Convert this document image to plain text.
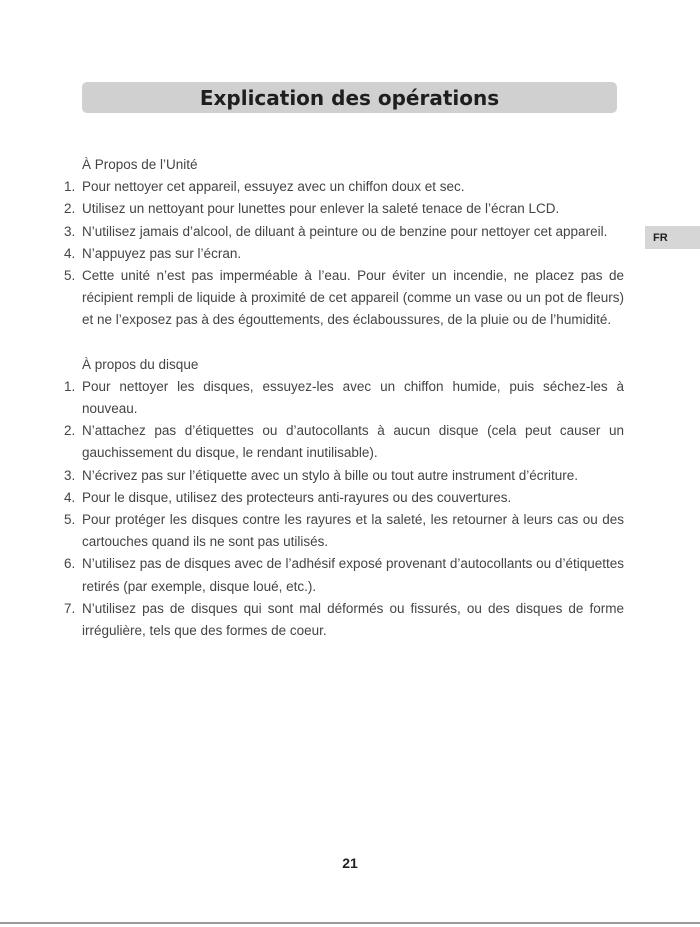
Explication des opérations
FR
À Propos de l’Unité
1. Pour nettoyer cet appareil, essuyez avec un chiffon doux et sec.
2. Utilisez un nettoyant pour lunettes pour enlever la saleté tenace de l’écran LCD.
3. N’utilisez jamais d’alcool, de diluant à peinture ou de benzine pour nettoyer cet appareil.
4. N’appuyez pas sur l’écran.
5. Cette unité n’est pas imperméable à l’eau. Pour éviter un incendie, ne placez pas de récipient rempli de liquide à proximité de cet appareil (comme un vase ou un pot de fleurs) et ne l’exposez pas à des égouttements, des éclaboussures, de la pluie ou de l’humidité.
À propos du disque
1. Pour nettoyer les disques, essuyez-les avec un chiffon humide, puis séchez-les à nouveau.
2. N’attachez pas d’étiquettes ou d’autocollants à aucun disque (cela peut causer un gauchissement du disque, le rendant inutilisable).
3. N’écrivez pas sur l’étiquette avec un stylo à bille ou tout autre instrument d’écriture.
4. Pour le disque, utilisez des protecteurs anti-rayures ou des couvertures.
5. Pour protéger les disques contre les rayures et la saleté, les retourner à leurs cas ou des cartouches quand ils ne sont pas utilisés.
6. N’utilisez pas de disques avec de l’adhésif exposé provenant d’autocollants ou d’étiquettes retirés (par exemple, disque loué, etc.).
7. N’utilisez pas de disques qui sont mal déformés ou fissurés, ou des disques de forme irrégulière, tels que des formes de coeur.
21
